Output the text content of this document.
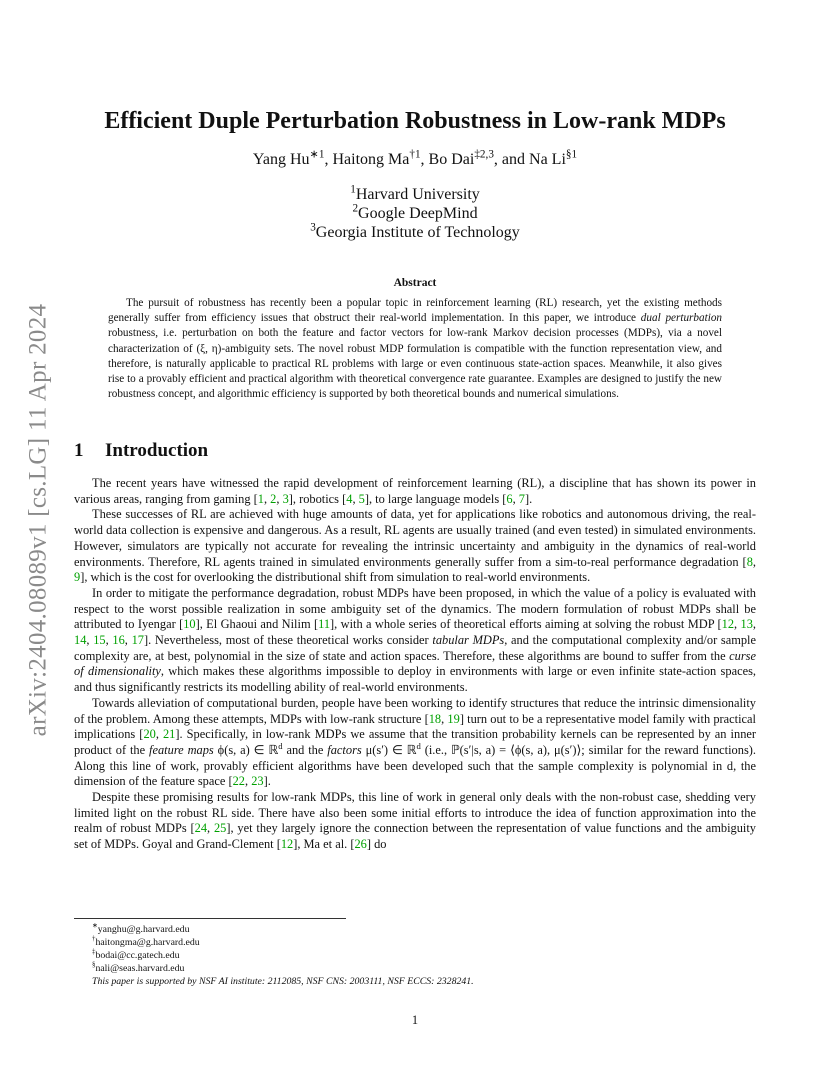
arXiv:2404.08089v1 [cs.LG] 11 Apr 2024
Efficient Duple Perturbation Robustness in Low-rank MDPs
Yang $Hu^{∗1}$, Haitong Ma$^{\dagger 1}$, Bo Dai$^{\ddagger 2,3}$, and Na Li$^{\S 1}$
$^1$Harvard University
$^2$Google DeepMind
$^3$Georgia Institute of Technology
Abstract
The pursuit of robustness has recently been a popular topic in reinforcement learning (RL) research, yet the existing methods generally suffer from efficiency issues that obstruct their real-world implementation. In this paper, we introduce dual perturbation robustness, i.e. perturbation on both the feature and factor vectors for low-rank Markov decision processes (MDPs), via a novel characterization of (ξ, η)-ambiguity sets. The novel robust MDP formulation is compatible with the function representation view, and therefore, is naturally applicable to practical RL problems with large or even continuous state-action spaces. Meanwhile, it also gives rise to a provably efficient and practical algorithm with theoretical convergence rate guarantee. Examples are designed to justify the new robustness concept, and algorithmic efficiency is supported by both theoretical bounds and numerical simulations.
1 Introduction

The recent years have witnessed the rapid development of reinforcement learning (RL), a discipline that has shown its power in various areas, ranging from gaming [1, 2, 3], robotics [4, 5], to large language models [6, 7].

These successes of RL are achieved with huge amounts of data, yet for applications like robotics and autonomous driving, the real-world data collection is expensive and dangerous. As a result, RL agents are usually trained (and even tested) in simulated environments. However, simulators are typically not accurate for revealing the intrinsic uncertainty and ambiguity in the dynamics of real-world environments. Therefore, RL agents trained in simulated environments generally suffer from a sim-to-real performance degradation [8, 9], which is the cost for overlooking the distributional shift from simulation to real-world environments.

In order to mitigate the performance degradation, robust MDPs have been proposed, in which the value of a policy is evaluated with respect to the worst possible realization in some ambiguity set of the dynamics. The modern formulation of robust MDPs shall be attributed to Iyengar [10], El Ghaoui and Nilim [11], with a whole series of theoretical efforts aiming at solving the robust MDP [12, 13, 14, 15, 16, 17]. Nevertheless, most of these theoretical works consider tabular MDPs, and the computational complexity and/or sample complexity are, at best, polynomial in the size of state and action spaces. Therefore, these algorithms are bound to suffer from the curse of dimensionality, which makes these algorithms impossible to deploy in environments with large or even infinite state-action spaces, and thus significantly restricts its modelling ability of real-world environments.

Towards alleviation of computational burden, people have been working to identify structures that reduce the intrinsic dimensionality of the problem. Among these attempts, MDPs with low-rank structure [18, 19] turn out to be a representative model family with practical implications [20, 21]. Specifically, in low-rank MDPs we assume that the transition probability kernels can be represented by an inner product of the feature maps ϕ(s, a) ∈ ℝ$^d$ and the factors μ(s′) ∈ ℝ$^d$ (i.e., ℙ(s′|s, a) = ⟨ϕ(s, a), μ(s′)⟩; similar for the reward functions). Along this line of work, provably efficient algorithms have been developed such that the sample complexity is polynomial in d, the dimension of the feature space [22, 23].

Despite these promising results for low-rank MDPs, this line of work in general only deals with the non-robust case, shedding very limited light on the robust RL side. There have also been some initial efforts to introduce the idea of function approximation into the realm of robust MDPs [24, 25], yet they largely ignore the connection between the representation of value functions and the ambiguity set of MDPs. Goyal and Grand-Clement [12], Ma et al. [26] do

∗yanghu@g.harvard.edu
†haitongma@g.harvard.edu
‡bodai@cc.gatech.edu
§nali@seas.harvard.edu
This paper is supported by NSF AI institute: 2112085, NSF CNS: 2003111, NSF ECCS: 2328241.
1
